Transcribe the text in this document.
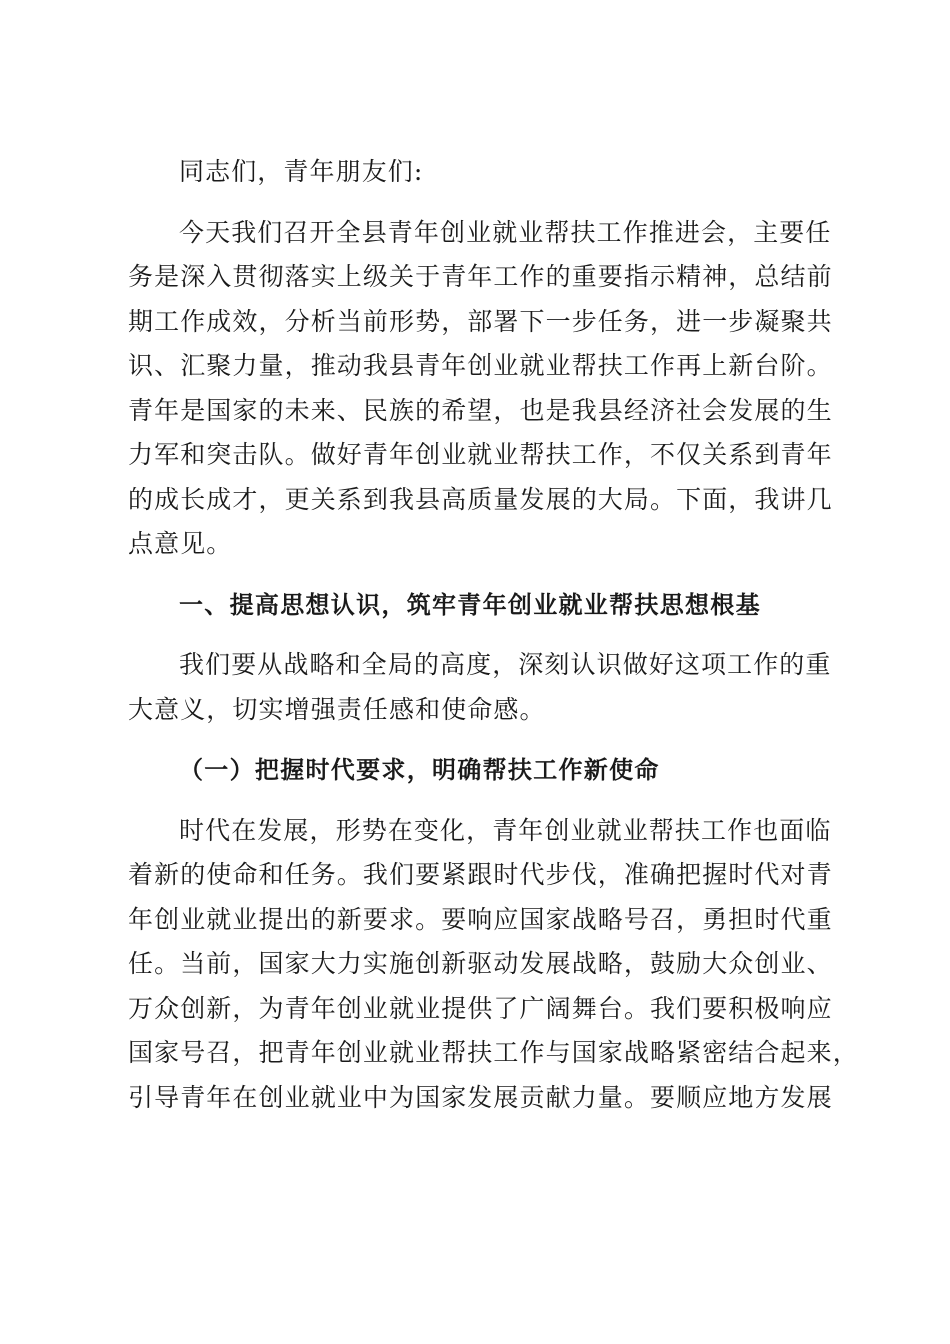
同志们，青年朋友们:
今天我们召开全县青年创业就业帮扶工作推进会，主要任
务是深入贯彻落实上级关于青年工作的重要指示精神，总结前
期工作成效，分析当前形势，部署下一步任务，进一步凝聚共
识、汇聚力量，推动我县青年创业就业帮扶工作再上新台阶。
青年是国家的未来、民族的希望，也是我县经济社会发展的生
力军和突击队。做好青年创业就业帮扶工作，不仅关系到青年
的成长成才，更关系到我县高质量发展的大局。下面，我讲几
点意见。
一、提高思想认识，筑牢青年创业就业帮扶思想根基
我们要从战略和全局的高度，深刻认识做好这项工作的重
大意义，切实增强责任感和使命感。
（一）把握时代要求，明确帮扶工作新使命
时代在发展，形势在变化，青年创业就业帮扶工作也面临
着新的使命和任务。我们要紧跟时代步伐，准确把握时代对青
年创业就业提出的新要求。要响应国家战略号召，勇担时代重
任。当前，国家大力实施创新驱动发展战略，鼓励大众创业、
万众创新，为青年创业就业提供了广阔舞台。我们要积极响应
国家号召，把青年创业就业帮扶工作与国家战略紧密结合起来，
引导青年在创业就业中为国家发展贡献力量。要顺应地方发展
